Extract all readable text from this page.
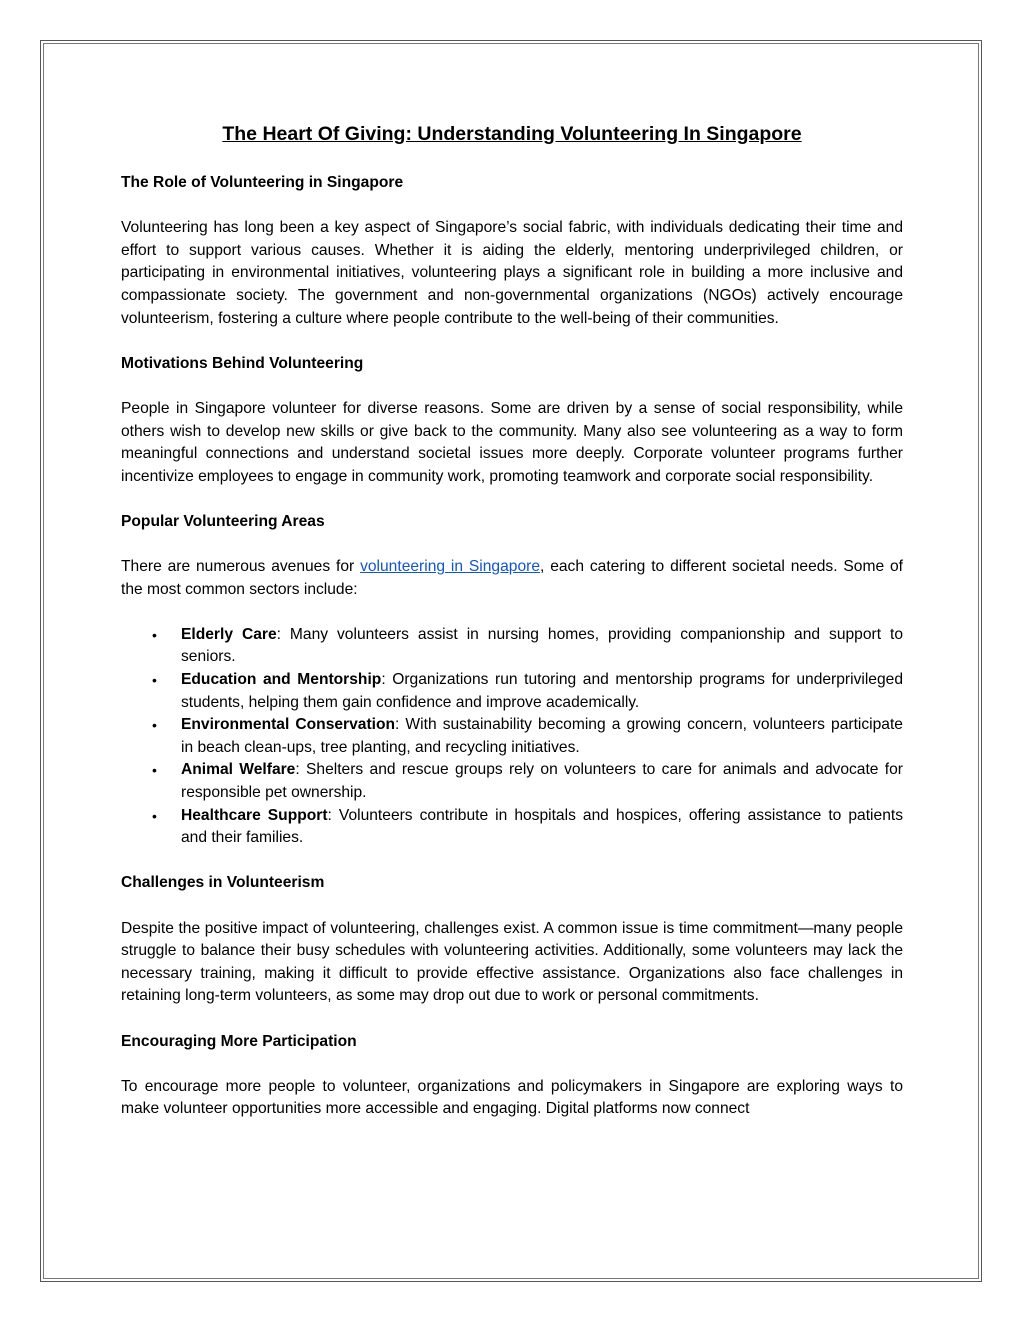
The Heart Of Giving: Understanding Volunteering In Singapore
The Role of Volunteering in Singapore

Volunteering has long been a key aspect of Singapore’s social fabric, with individuals dedicating their time and effort to support various causes. Whether it is aiding the elderly, mentoring underprivileged children, or participating in environmental initiatives, volunteering plays a significant role in building a more inclusive and compassionate society. The government and non-governmental organizations (NGOs) actively encourage volunteerism, fostering a culture where people contribute to the well-being of their communities.

Motivations Behind Volunteering

People in Singapore volunteer for diverse reasons. Some are driven by a sense of social responsibility, while others wish to develop new skills or give back to the community. Many also see volunteering as a way to form meaningful connections and understand societal issues more deeply. Corporate volunteer programs further incentivize employees to engage in community work, promoting teamwork and corporate social responsibility.

Popular Volunteering Areas

There are numerous avenues for volunteering in Singapore, each catering to different societal needs. Some of the most common sectors include:

• Elderly Care: Many volunteers assist in nursing homes, providing companionship and support to seniors.
• Education and Mentorship: Organizations run tutoring and mentorship programs for underprivileged students, helping them gain confidence and improve academically.
• Environmental Conservation: With sustainability becoming a growing concern, volunteers participate in beach clean-ups, tree planting, and recycling initiatives.
• Animal Welfare: Shelters and rescue groups rely on volunteers to care for animals and advocate for responsible pet ownership.
• Healthcare Support: Volunteers contribute in hospitals and hospices, offering assistance to patients and their families.
Challenges in Volunteerism

Despite the positive impact of volunteering, challenges exist. A common issue is time commitment—many people struggle to balance their busy schedules with volunteering activities. Additionally, some volunteers may lack the necessary training, making it difficult to provide effective assistance. Organizations also face challenges in retaining long-term volunteers, as some may drop out due to work or personal commitments.

Encouraging More Participation

To encourage more people to volunteer, organizations and policymakers in Singapore are exploring ways to make volunteer opportunities more accessible and engaging. Digital platforms now connect
